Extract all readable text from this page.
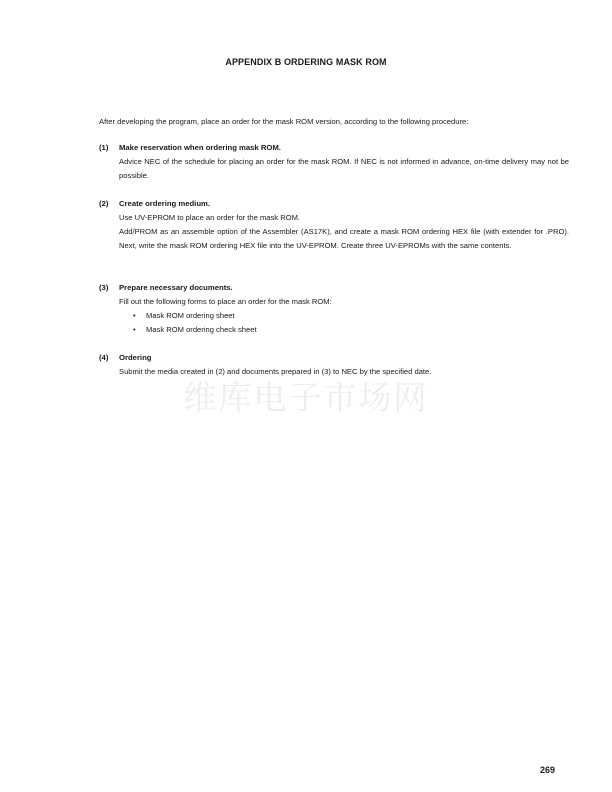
APPENDIX B ORDERING MASK ROM

After developing the program, place an order for the mask ROM version, according to the following procedure:

(1)	Make reservation when ordering mask ROM.

Advice NEC of the schedule for placing an order for the mask ROM. If NEC is not informed in advance, on-time delivery may not be possible.

(2)	Create ordering medium.

Use UV-EPROM to place an order for the mask ROM.

Add/PROM as an assemble option of the Assembler (AS17K), and create a mask ROM ordering HEX file (with extender for .PRO). Next, write the mask ROM ordering HEX file into the UV-EPROM. Create three UV-EPROMs with the same contents.

(3)	Prepare necessary documents.

Fill out the following forms to place an order for the mask ROM:

• Mask ROM ordering sheet
• Mask ROM ordering check sheet
(4)	Ordering

Submit the media created in (2) and documents prepared in (3) to NEC by the specified date.

维库电子市场网
269
